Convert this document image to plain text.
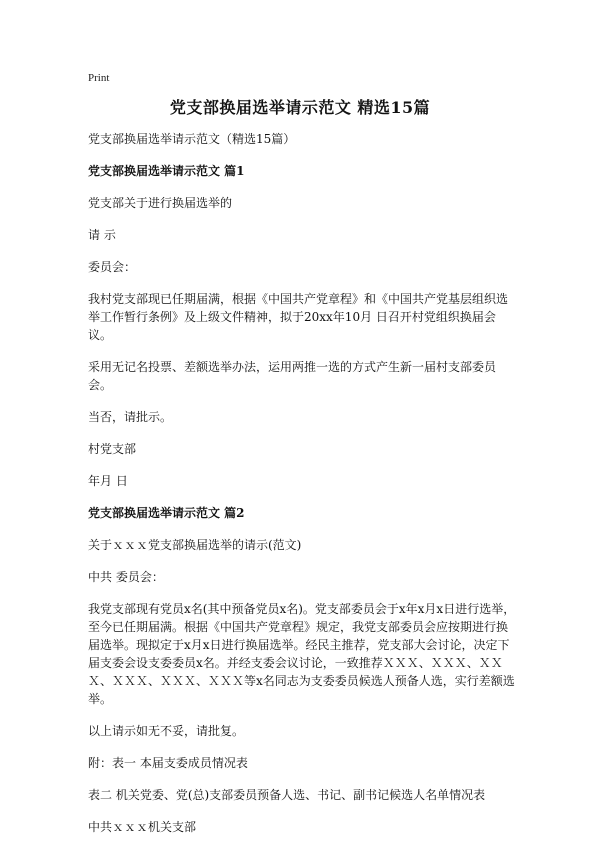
Print
党支部换届选举请示范文 精选15篇

党支部换届选举请示范文（精选15篇）

党支部换届选举请示范文 篇1

党支部关于进行换届选举的

请 示

委员会：

我村党支部现已任期届满，根据《中国共产党章程》和《中国共产党基层组织选举工作暂行条例》及上级文件精神，拟于20xx年10月 日召开村党组织换届会议。

采用无记名投票、差额选举办法，运用两推一选的方式产生新一届村支部委员会。

当否，请批示。

村党支部

年月 日

党支部换届选举请示范文 篇2

关于ｘｘｘ党支部换届选举的请示(范文)

中共 委员会：

我党支部现有党员x名(其中预备党员x名)。党支部委员会于x年x月x日进行选举，至今已任期届满。根据《中国共产党章程》规定，我党支部委员会应按期进行换届选举。现拟定于x月x日进行换届选举。经民主推荐，党支部大会讨论，决定下届支委会设支委委员x名。并经支委会议讨论，一致推荐ＸＸＸ、ＸＸＸ、ＸＸＸ、ＸＸＸ、ＸＸＸ、ＸＸＸ等x名同志为支委委员候选人预备人选，实行差额选举。

以上请示如无不妥，请批复。

附：表一 本届支委成员情况表

表二 机关党委、党(总)支部委员预备人选、书记、副书记候选人名单情况表

中共ｘｘｘ机关支部
